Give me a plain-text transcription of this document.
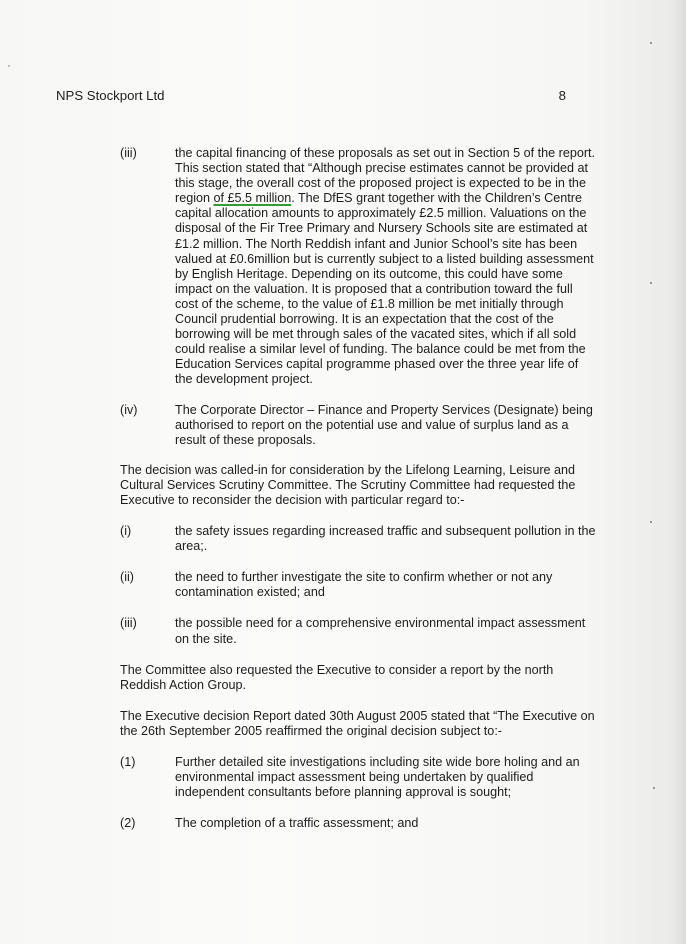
NPS Stockport Ltd	8
(iii)	the capital financing of these proposals as set out in Section 5 of the report. This section stated that “Although precise estimates cannot be provided at this stage, the overall cost of the proposed project is expected to be in the region of £5.5 million. The DfES grant together with the Children’s Centre capital allocation amounts to approximately £2.5 million. Valuations on the disposal of the Fir Tree Primary and Nursery Schools site are estimated at £1.2 million. The North Reddish infant and Junior School’s site has been valued at £0.6million but is currently subject to a listed building assessment by English Heritage. Depending on its outcome, this could have some impact on the valuation. It is proposed that a contribution toward the full cost of the scheme, to the value of £1.8 million be met initially through Council prudential borrowing. It is an expectation that the cost of the borrowing will be met through sales of the vacated sites, which if all sold could realise a similar level of funding. The balance could be met from the Education Services capital programme phased over the three year life of the development project.
(iv)	The Corporate Director – Finance and Property Services (Designate) being authorised to report on the potential use and value of surplus land as a result of these proposals.

The decision was called-in for consideration by the Lifelong Learning, Leisure and Cultural Services Scrutiny Committee. The Scrutiny Committee had requested the Executive to reconsider the decision with particular regard to:-

(i)	the safety issues regarding increased traffic and subsequent pollution in the area;.
(ii)	the need to further investigate the site to confirm whether or not any contamination existed; and
(iii)	the possible need for a comprehensive environmental impact assessment on the site.

The Committee also requested the Executive to consider a report by the north Reddish Action Group.

The Executive decision Report dated 30th August 2005 stated that “The Executive on the 26th September 2005 reaffirmed the original decision subject to:-

(1)	Further detailed site investigations including site wide bore holing and an environmental impact assessment being undertaken by qualified independent consultants before planning approval is sought;
(2)	The completion of a traffic assessment; and
